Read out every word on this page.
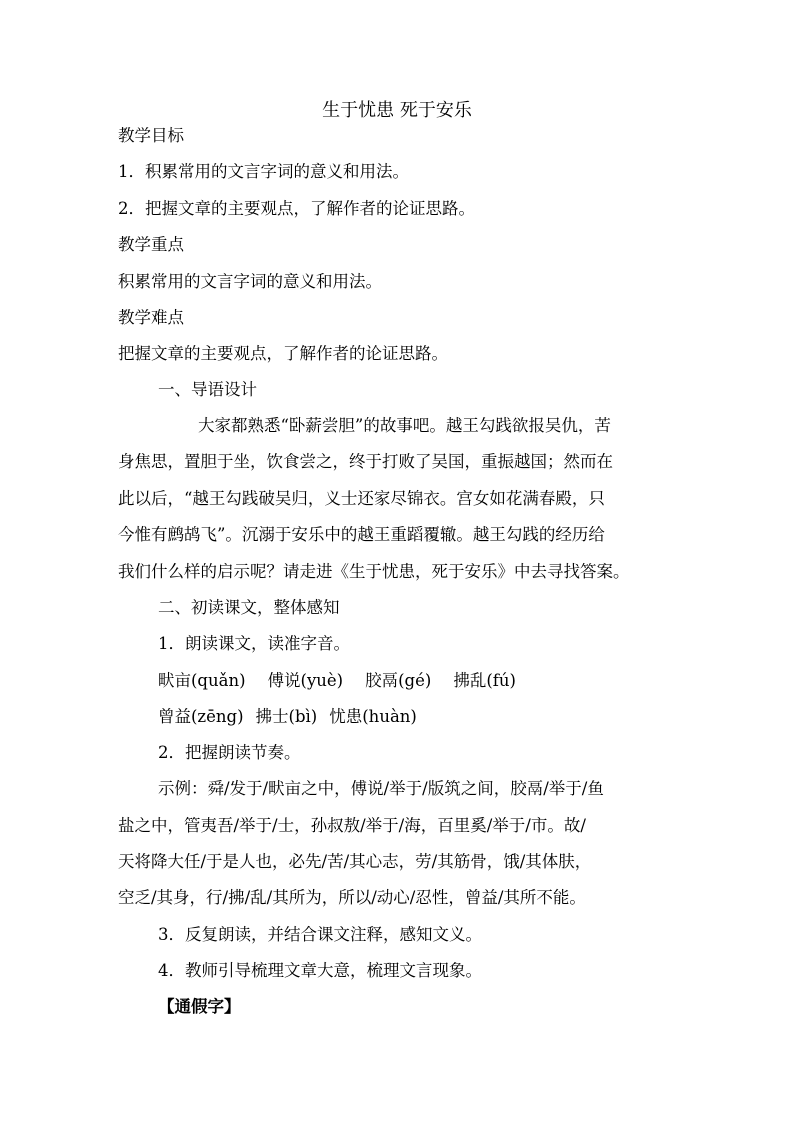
生于忧患 死于安乐

教学目标

1．积累常用的文言字词的意义和用法。

2．把握文章的主要观点，了解作者的论证思路。

教学重点

积累常用的文言字词的意义和用法。

教学难点

把握文章的主要观点，了解作者的论证思路。

一、导语设计

大家都熟悉“卧薪尝胆”的故事吧。越王勾践欲报吴仇，苦

身焦思，置胆于坐，饮食尝之，终于打败了吴国，重振越国；然而在

此以后，“越王勾践破吴归，义士还家尽锦衣。宫女如花满春殿，只

今惟有鹧鸪飞”。沉溺于安乐中的越王重蹈覆辙。越王勾践的经历给

我们什么样的启示呢？请走进《生于忧患，死于安乐》中去寻找答案。

二、初读课文，整体感知

1．朗读课文，读准字音。

畎亩(quǎn) 傅说(yuè) 胶鬲(gé) 拂乱(fú)

曾益(zēng) 拂士(bì) 忧患(huàn)

2．把握朗读节奏。

示例：舜/发于/畎亩之中，傅说/举于/版筑之间，胶鬲/举于/鱼

盐之中，管夷吾/举于/士，孙叔敖/举于/海，百里奚/举于/市。故/

天将降大任/于是人也，必先/苦/其心志，劳/其筋骨，饿/其体肤，

空乏/其身，行/拂/乱/其所为，所以/动心/忍性，曾益/其所不能。

3．反复朗读，并结合课文注释，感知文义。

4．教师引导梳理文章大意，梳理文言现象。

【通假字】
